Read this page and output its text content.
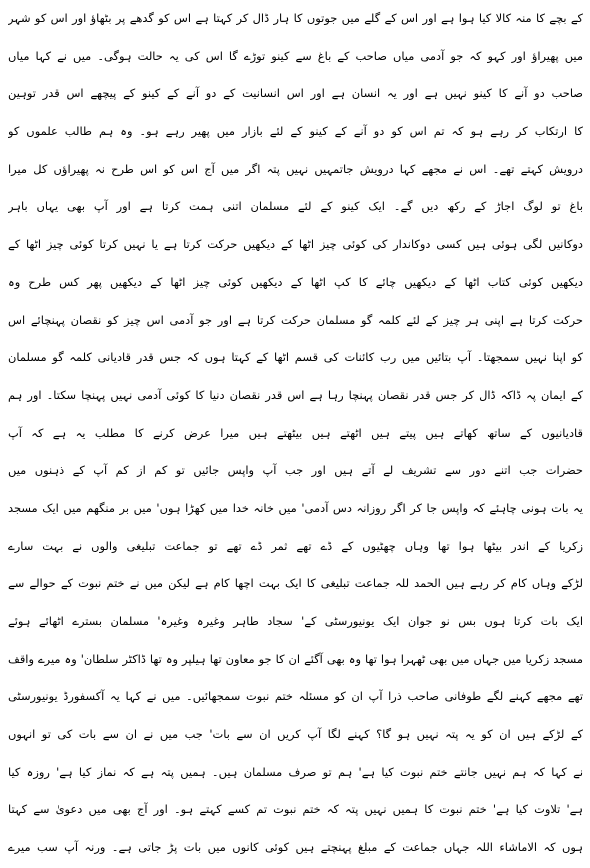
کے بچے کا منہ کالا کیا ہوا ہے اور اس کے گلے میں جوتوں کا ہار ڈال کر کہتا ہے اس کو گدھے پر بٹھاؤ اور اس کو شہر
میں پھیراؤ اور کہو کہ جو آدمی میاں صاحب کے باغ سے کینو توڑے گا اس کی یہ حالت ہوگی۔ میں نے کہا میاں
صاحب دو آنے کا کینو نہیں ہے اور یہ انسان ہے اور اس انسانیت کے دو آنے کے کینو کے پیچھے اس قدر توہین
کا ارتکاب کر رہے ہو کہ تم اس کو دو آنے کے کینو کے لئے بازار میں پھیر رہے ہو۔ وہ ہم طالب علموں کو
درویش کہتے تھے۔ اس نے مجھے کہا درویش جاتمہیں نہیں پتہ اگر میں آج اس کو اس طرح نہ پھیراؤں کل میرا
باغ تو لوگ اجاڑ کے رکھ دیں گے۔ ایک کینو کے لئے مسلمان اتنی ہمت کرتا ہے اور آپ بھی یہاں باہر
دوکانیں لگی ہوئی ہیں کسی دوکاندار کی کوئی چیز اٹھا کے دیکھیں حرکت کرتا ہے یا نہیں کرتا کوئی چیز اٹھا کے
دیکھیں کوئی کتاب اٹھا کے دیکھیں چائے کا کپ اٹھا کے دیکھیں کوئی چیز اٹھا کے دیکھیں پھر کس طرح وہ
حرکت کرتا ہے اپنی ہر چیز کے لئے کلمہ گو مسلمان حرکت کرتا ہے اور جو آدمی اس چیز کو نقصان پہنچائے اس
کو اپنا نہیں سمجھتا۔ آپ بتائیں میں رب کائنات کی قسم اٹھا کے کہتا ہوں کہ جس قدر قادیانی کلمہ گو مسلمان
کے ایمان پہ ڈاکہ ڈال کر جس قدر نقصان پہنچا رہا ہے اس قدر نقصان دنیا کا کوئی آدمی نہیں پہنچا سکتا۔ اور ہم
قادیانیوں کے ساتھ کھاتے ہیں پیتے ہیں اٹھتے ہیں بیٹھتے ہیں میرا عرض کرنے کا مطلب یہ ہے کہ آپ
حضرات جب اتنے دور سے تشریف لے آتے ہیں اور جب آپ واپس جائیں تو کم از کم آپ کے ذہنوں میں
یہ بات ہونی چاہئے کہ واپس جا کر اگر روزانہ دس آدمی' میں خانہ خدا میں کھڑا ہوں' میں بر منگھم میں ایک مسجد
زکریا کے اندر بیٹھا ہوا تھا وہاں چھٹیوں کے ڈے تھے ثمر ڈے تھے تو جماعت تبلیغی والوں نے بہت سارے
لڑکے وہاں کام کر رہے ہیں الحمد للہ جماعت تبلیغی کا ایک بہت اچھا کام ہے لیکن میں نے ختم نبوت کے حوالے سے
ایک بات کرتا ہوں بس نو جوان ایک یونیورسٹی کے' سجاد طاہر وغیرہ وغیرہ' مسلمان بسترے اٹھائے ہوئے
مسجد زکریا میں جہاں میں بھی ٹھہرا ہوا تھا وہ بھی آگئے ان کا جو معاون تھا ہیلپر وہ تھا ڈاکٹر سلطان' وہ میرے واقف
تھے مجھے کہنے لگے طوفانی صاحب ذرا آپ ان کو مسئلہ ختم نبوت سمجھائیں۔ میں نے کہا یہ آکسفورڈ یونیورسٹی
کے لڑکے ہیں ان کو یہ پتہ نہیں ہو گا؟ کہنے لگا آپ کریں ان سے بات' جب میں نے ان سے بات کی تو انہوں
نے کہا کہ ہم نہیں جانتے ختم نبوت کیا ہے' ہم تو صرف مسلمان ہیں۔ ہمیں پتہ ہے کہ نماز کیا ہے' روزہ کیا
ہے' تلاوت کیا ہے' ختم نبوت کا ہمیں نہیں پتہ کہ ختم نبوت تم کسے کہتے ہو۔ اور آج بھی میں دعویٰ سے کہتا
ہوں کہ الاماشاء اللہ جہاں جماعت کے مبلغ پہنچتے ہیں کوئی کانوں میں بات پڑ جاتی ہے۔ ورنہ آپ سب میرے
